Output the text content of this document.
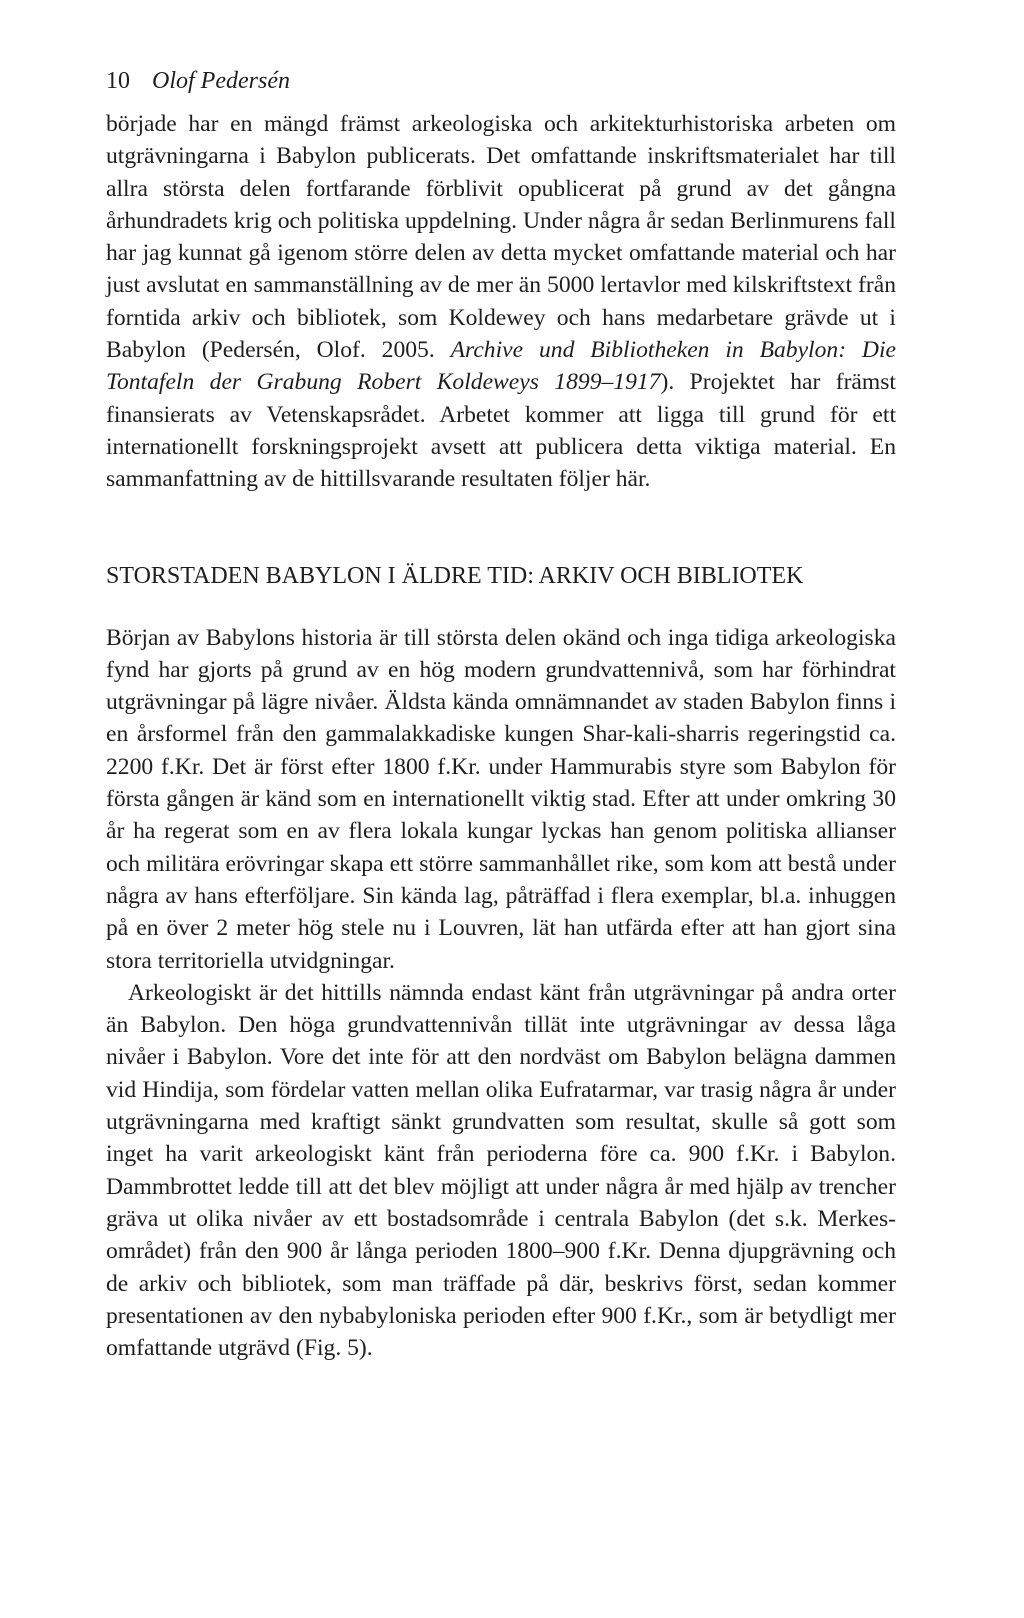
10 Olof Pedersén

började har en mängd främst arkeologiska och arkitekturhistoriska arbeten om utgrävningarna i Babylon publicerats. Det omfattande inskriftsmaterialet har till allra största delen fortfarande förblivit opublicerat på grund av det gångna århundradets krig och politiska uppdelning. Under några år sedan Berlinmurens fall har jag kunnat gå igenom större delen av detta mycket omfattande material och har just avslutat en sammanställning av de mer än 5000 lertavlor med kilskriftstext från forntida arkiv och bibliotek, som Koldewey och hans medarbetare grävde ut i Babylon (Pedersén, Olof. 2005. Archive und Bibliotheken in Babylon: Die Tontafeln der Grabung Robert Koldeweys 1899–1917). Projektet har främst finansierats av Vetenskapsrådet. Arbetet kommer att ligga till grund för ett internationellt forskningsprojekt avsett att publicera detta viktiga material. En sammanfattning av de hittillsvarande resultaten följer här.

STORSTADEN BABYLON I ÄLDRE TID: ARKIV OCH BIBLIOTEK

Början av Babylons historia är till största delen okänd och inga tidiga arkeologiska fynd har gjorts på grund av en hög modern grundvattennivå, som har förhindrat utgrävningar på lägre nivåer. Äldsta kända omnämnandet av staden Babylon finns i en årsformel från den gammalakkadiske kungen Shar-kali-sharris regeringstid ca. 2200 f.Kr. Det är först efter 1800 f.Kr. under Hammurabis styre som Babylon för första gången är känd som en internationellt viktig stad. Efter att under omkring 30 år ha regerat som en av flera lokala kungar lyckas han genom politiska allianser och militära erövringar skapa ett större sammanhållet rike, som kom att bestå under några av hans efterföljare. Sin kända lag, påträffad i flera exemplar, bl.a. inhuggen på en över 2 meter hög stele nu i Louvren, lät han utfärda efter att han gjort sina stora territoriella utvidgningar.

Arkeologiskt är det hittills nämnda endast känt från utgrävningar på andra orter än Babylon. Den höga grundvattennivån tillät inte utgrävningar av dessa låga nivåer i Babylon. Vore det inte för att den nordväst om Babylon belägna dammen vid Hindija, som fördelar vatten mellan olika Eufratarmar, var trasig några år under utgrävningarna med kraftigt sänkt grundvatten som resultat, skulle så gott som inget ha varit arkeologiskt känt från perioderna före ca. 900 f.Kr. i Babylon. Dammbrottet ledde till att det blev möjligt att under några år med hjälp av trencher gräva ut olika nivåer av ett bostadsområde i centrala Babylon (det s.k. Merkes-området) från den 900 år långa perioden 1800–900 f.Kr. Denna djupgrävning och de arkiv och bibliotek, som man träffade på där, beskrivs först, sedan kommer presentationen av den nybabyloniska perioden efter 900 f.Kr., som är betydligt mer omfattande utgrävd (Fig. 5).
